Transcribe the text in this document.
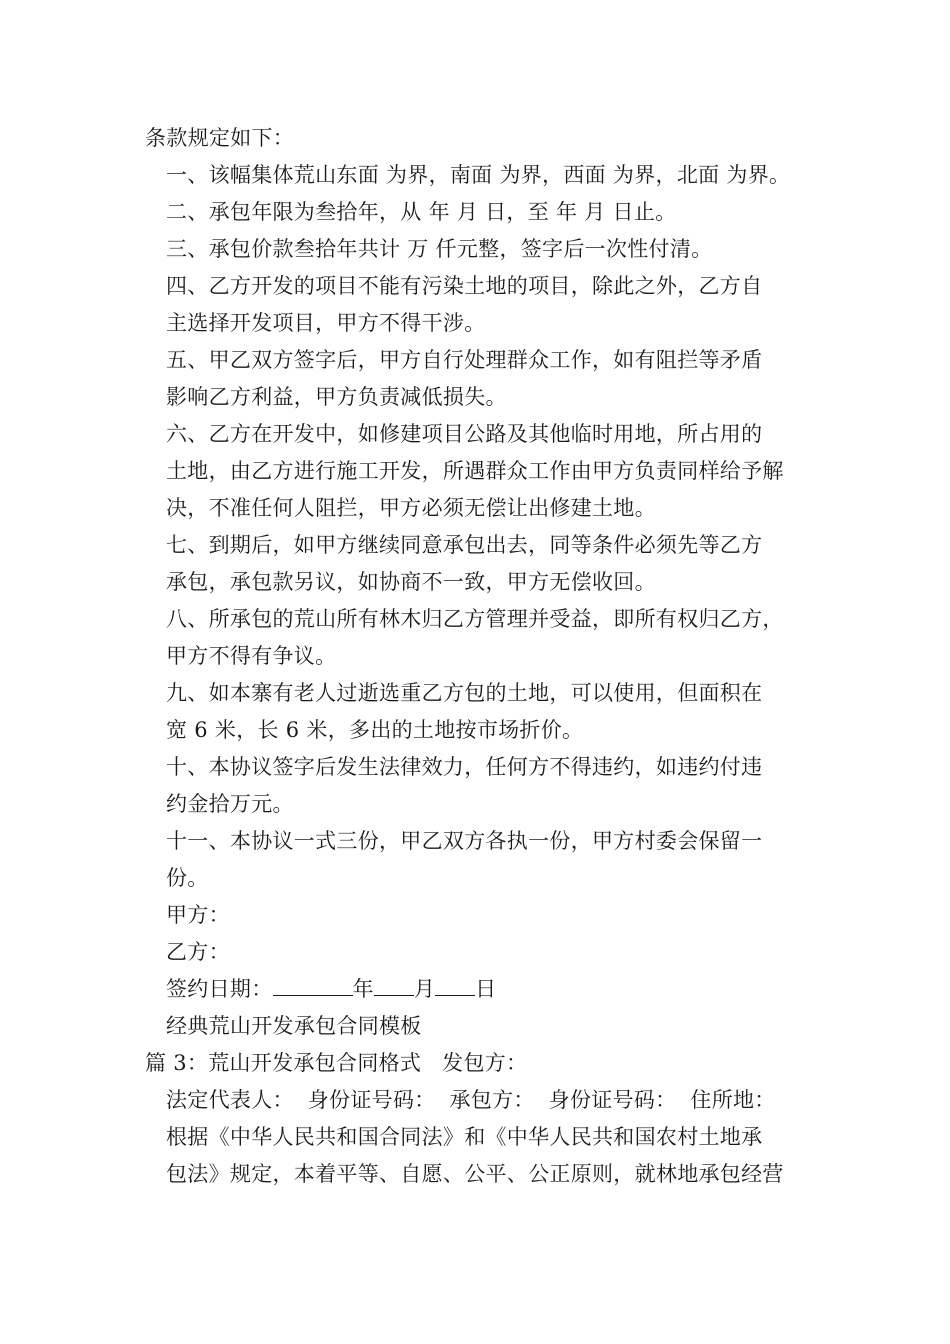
条款规定如下：

一、该幅集体荒山东面 为界，南面 为界，西面 为界，北面 为界。

二、承包年限为叁拾年，从 年 月 日，至 年 月 日止。

三、承包价款叁拾年共计 万 仟元整，签字后一次性付清。

四、乙方开发的项目不能有污染土地的项目，除此之外，乙方自
主选择开发项目，甲方不得干涉。

五、甲乙双方签字后，甲方自行处理群众工作，如有阻拦等矛盾
影响乙方利益，甲方负责减低损失。

六、乙方在开发中，如修建项目公路及其他临时用地，所占用的
土地，由乙方进行施工开发，所遇群众工作由甲方负责同样给予解
决，不准任何人阻拦，甲方必须无偿让出修建土地。

七、到期后，如甲方继续同意承包出去，同等条件必须先等乙方
承包，承包款另议，如协商不一致，甲方无偿收回。

八、所承包的荒山所有林木归乙方管理并受益，即所有权归乙方，
甲方不得有争议。

九、如本寨有老人过逝选重乙方包的土地，可以使用，但面积在
宽 6 米，长 6 米，多出的土地按市场折价。

十、本协议签字后发生法律效力，任何方不得违约，如违约付违
约金拾万元。

十一、本协议一式三份，甲乙双方各执一份，甲方村委会保留一
份。

甲方：

乙方：

签约日期：	年 月 日

经典荒山开发承包合同模板

篇 3：荒山开发承包合同格式   发包方：

法定代表人：  身份证号码：  承包方：  身份证号码：  住所地：

根据《中华人民共和国合同法》和《中华人民共和国农村土地承
包法》规定，本着平等、自愿、公平、公正原则，就林地承包经营
